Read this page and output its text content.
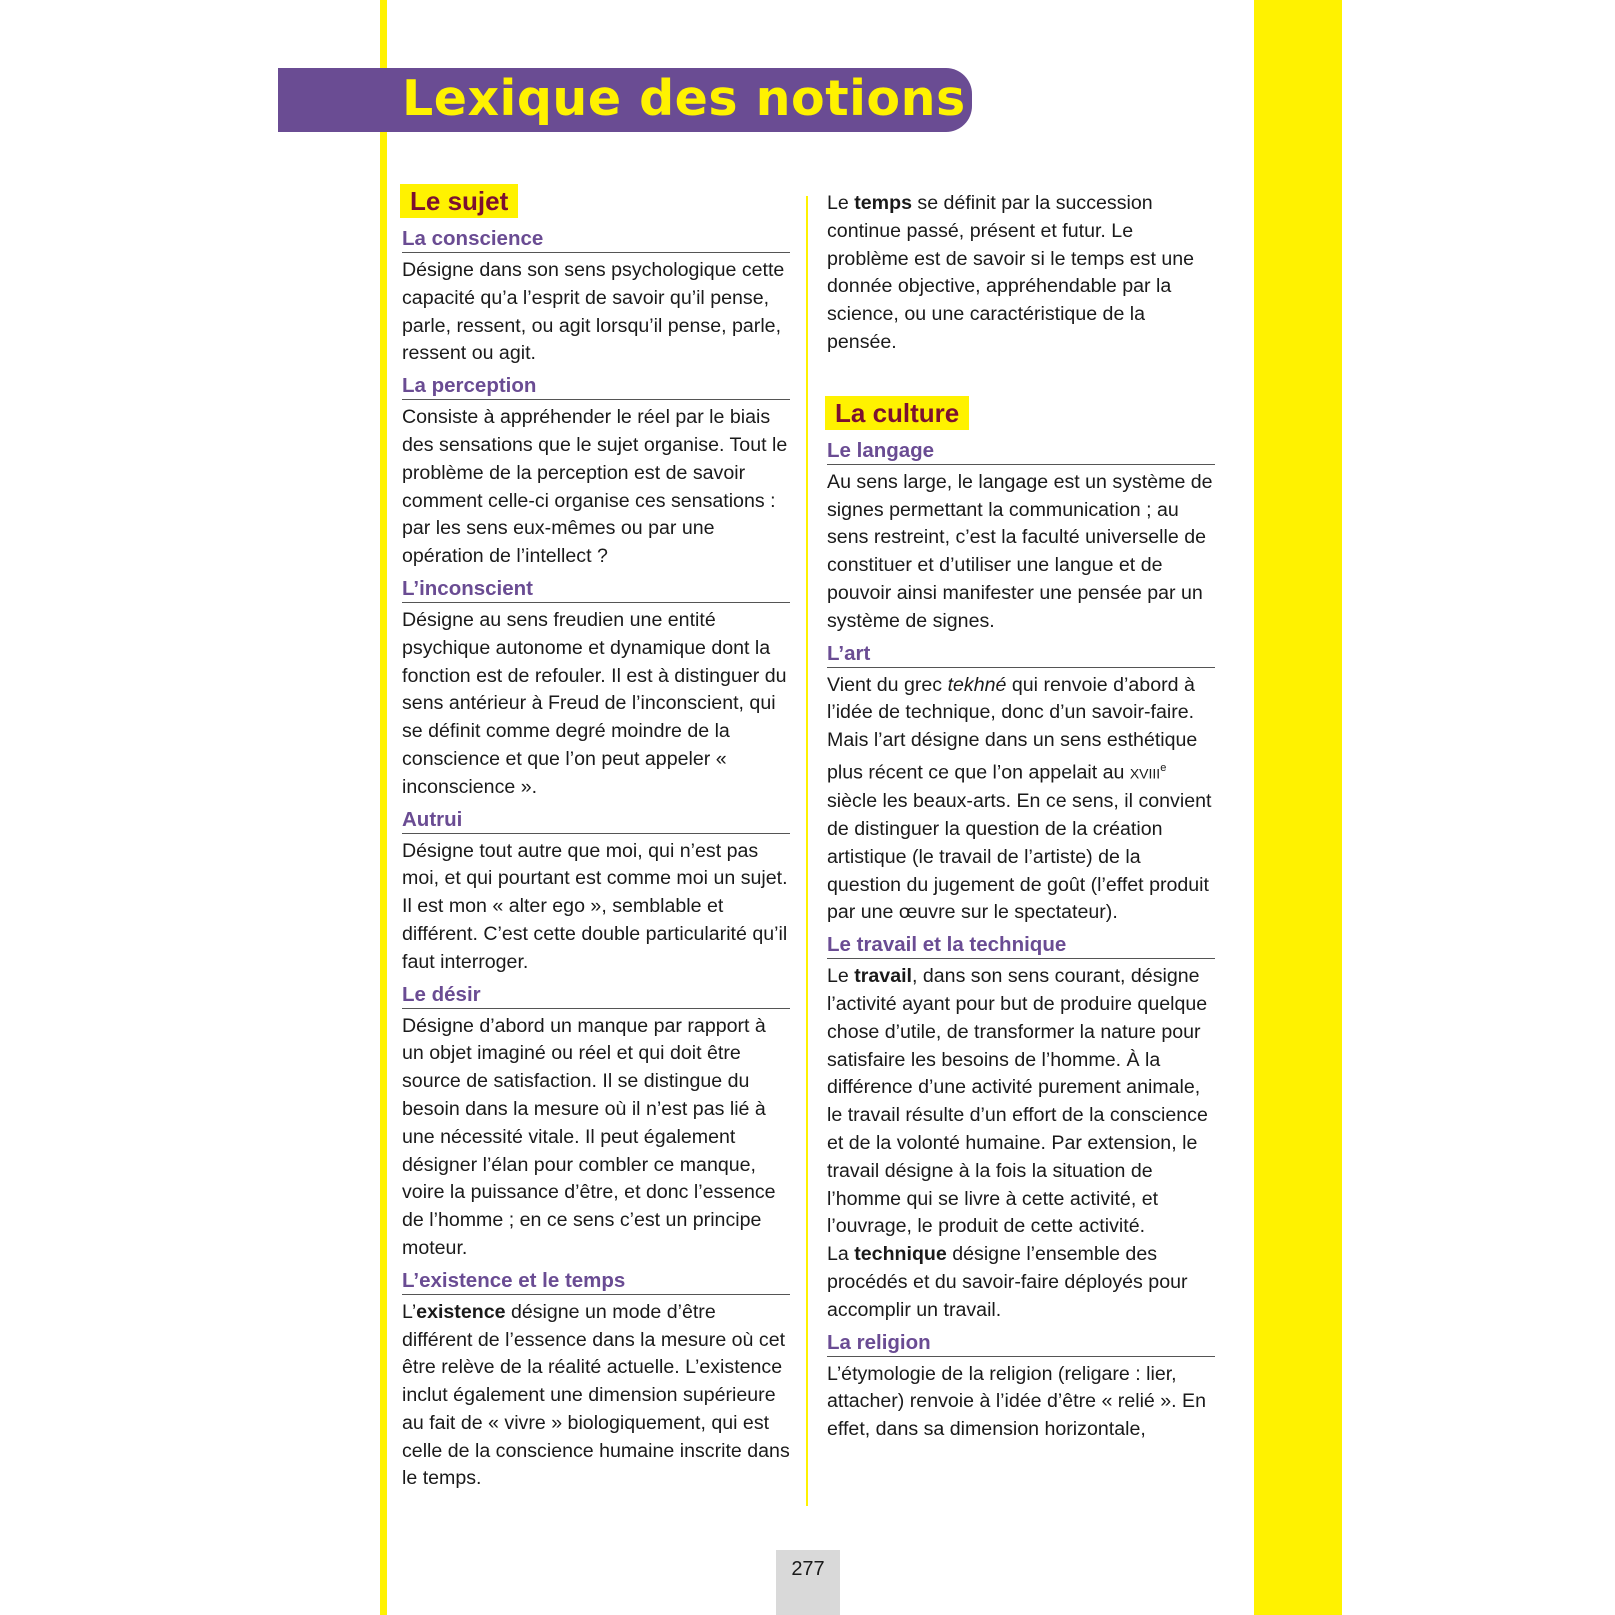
Lexique des notions
Le sujet
La conscience
Désigne dans son sens psychologique cette capacité qu’a l’esprit de savoir qu’il pense, parle, ressent, ou agit lorsqu’il pense, parle, ressent ou agit.
La perception
Consiste à appréhender le réel par le biais des sensations que le sujet organise. Tout le problème de la perception est de savoir comment celle-ci organise ces sensations : par les sens eux-mêmes ou par une opération de l’intellect ?
L’inconscient
Désigne au sens freudien une entité psychique autonome et dynamique dont la fonction est de refouler. Il est à distinguer du sens antérieur à Freud de l’inconscient, qui se définit comme degré moindre de la conscience et que l’on peut appeler « inconscience ».
Autrui
Désigne tout autre que moi, qui n’est pas moi, et qui pourtant est comme moi un sujet. Il est mon « alter ego », semblable et différent. C’est cette double particularité qu’il faut interroger.
Le désir
Désigne d’abord un manque par rapport à un objet imaginé ou réel et qui doit être source de satisfaction. Il se distingue du besoin dans la mesure où il n’est pas lié à une nécessité vitale. Il peut également désigner l’élan pour combler ce manque, voire la puissance d’être, et donc l’essence de l’homme ; en ce sens c’est un principe moteur.
L’existence et le temps
L’existence désigne un mode d’être différent de l’essence dans la mesure où cet être relève de la réalité actuelle. L’existence inclut également une dimension supérieure au fait de « vivre » biologiquement, qui est celle de la conscience humaine inscrite dans le temps.
Le temps se définit par la succession continue passé, présent et futur. Le problème est de savoir si le temps est une donnée objective, appréhendable par la science, ou une caractéristique de la pensée.
La culture
Le langage
Au sens large, le langage est un système de signes permettant la communication ; au sens restreint, c’est la faculté universelle de constituer et d’utiliser une langue et de pouvoir ainsi manifester une pensée par un système de signes.
L’art
Vient du grec tekhné qui renvoie d’abord à l’idée de technique, donc d’un savoir-faire. Mais l’art désigne dans un sens esthétique plus récent ce que l’on appelait au XVIIIe siècle les beaux-arts. En ce sens, il convient de distinguer la question de la création artistique (le travail de l’artiste) de la question du jugement de goût (l’effet produit par une œuvre sur le spectateur).
Le travail et la technique

Le travail, dans son sens courant, désigne l’activité ayant pour but de produire quelque chose d’utile, de transformer la nature pour satisfaire les besoins de l’homme. À la différence d’une activité purement animale, le travail résulte d’un effort de la conscience et de la volonté humaine. Par extension, le travail désigne à la fois la situation de l’homme qui se livre à cette activité, et l’ouvrage, le produit de cette activité.

La technique désigne l’ensemble des procédés et du savoir-faire déployés pour accomplir un travail.

La religion
L’étymologie de la religion (religare : lier, attacher) renvoie à l’idée d’être « relié ». En effet, dans sa dimension horizontale,
277
